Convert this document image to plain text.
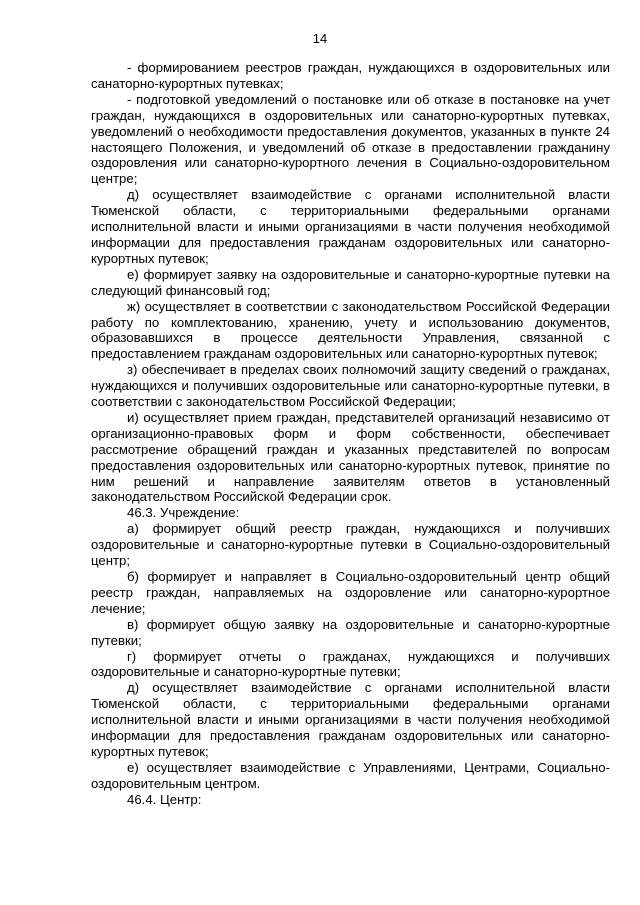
14

- формированием реестров граждан, нуждающихся в оздоровительных или санаторно-курортных путевках;

- подготовкой уведомлений о постановке или об отказе в постановке на учет граждан, нуждающихся в оздоровительных или санаторно-курортных путевках, уведомлений о необходимости предоставления документов, указанных в пункте 24 настоящего Положения, и уведомлений об отказе в предоставлении гражданину оздоровления или санаторно-курортного лечения в Социально-оздоровительном центре;

д) осуществляет взаимодействие с органами исполнительной власти Тюменской области, с территориальными федеральными органами исполнительной власти и иными организациями в части получения необходимой информации для предоставления гражданам оздоровительных или санаторно-курортных путевок;

е) формирует заявку на оздоровительные и санаторно-курортные путевки на следующий финансовый год;

ж) осуществляет в соответствии с законодательством Российской Федерации работу по комплектованию, хранению, учету и использованию документов, образовавшихся в процессе деятельности Управления, связанной с предоставлением гражданам оздоровительных или санаторно-курортных путевок;

з) обеспечивает в пределах своих полномочий защиту сведений о гражданах, нуждающихся и получивших оздоровительные или санаторно-курортные путевки, в соответствии с законодательством Российской Федерации;

и) осуществляет прием граждан, представителей организаций независимо от организационно-правовых форм и форм собственности, обеспечивает рассмотрение обращений граждан и указанных представителей по вопросам предоставления оздоровительных или санаторно-курортных путевок, принятие по ним решений и направление заявителям ответов в установленный законодательством Российской Федерации срок.

46.3. Учреждение:

а) формирует общий реестр граждан, нуждающихся и получивших оздоровительные и санаторно-курортные путевки в Социально-оздоровительный центр;

б) формирует и направляет в Социально-оздоровительный центр общий реестр граждан, направляемых на оздоровление или санаторно-курортное лечение;

в) формирует общую заявку на оздоровительные и санаторно-курортные путевки;

г) формирует отчеты о гражданах, нуждающихся и получивших оздоровительные и санаторно-курортные путевки;

д) осуществляет взаимодействие с органами исполнительной власти Тюменской области, с территориальными федеральными органами исполнительной власти и иными организациями в части получения необходимой информации для предоставления гражданам оздоровительных или санаторно-курортных путевок;

е) осуществляет взаимодействие с Управлениями, Центрами, Социально-оздоровительным центром.

46.4. Центр:
